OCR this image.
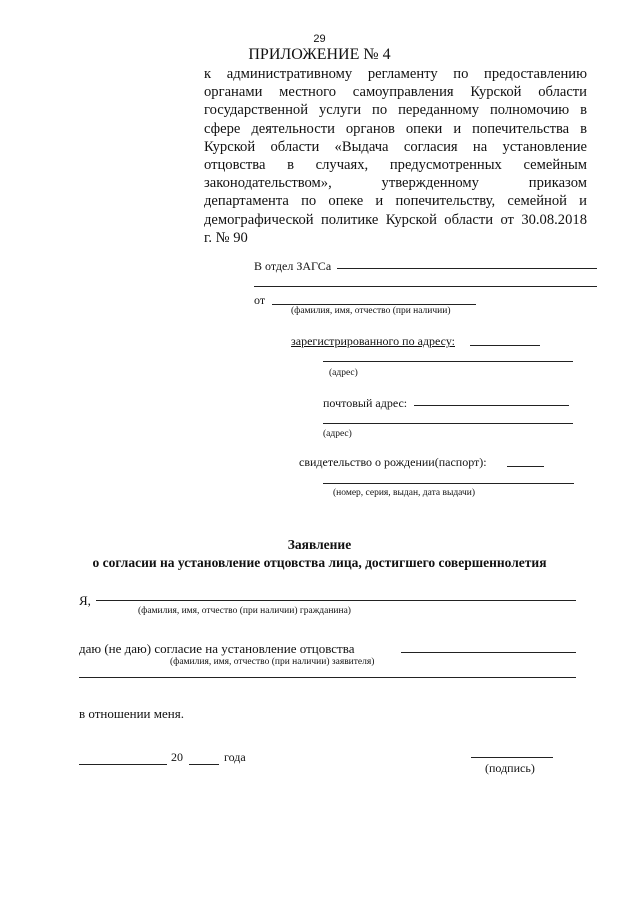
29
ПРИЛОЖЕНИЕ № 4
к административному регламенту по предоставлению
органами местного самоуправления Курской области
государственной услуги по переданному полномочию в
сфере деятельности органов опеки и попечительства в
Курской области «Выдача согласия на установление
отцовства в случаях, предусмотренных семейным
законодательством», утвержденному приказом
департамента по опеке и попечительству, семейной и
демографической политике Курской области от 30.08.2018
г. № 90
В отдел ЗАГСа
от
(фамилия, имя, отчество (при наличии)
зарегистрированного по адресу:
(адрес)
почтовый адрес:
(адрес)
свидетельство о рождении(паспорт):
(номер, серия, выдан, дата выдачи)
Заявление
о согласии на установление отцовства лица, достигшего совершеннолетия
Я,
(фамилия, имя, отчество (при наличии) гражданина)
даю (не даю) согласие на установление отцовства
(фамилия, имя, отчество (при наличии) заявителя)
в отношении меня.
20	года
(подпись)
